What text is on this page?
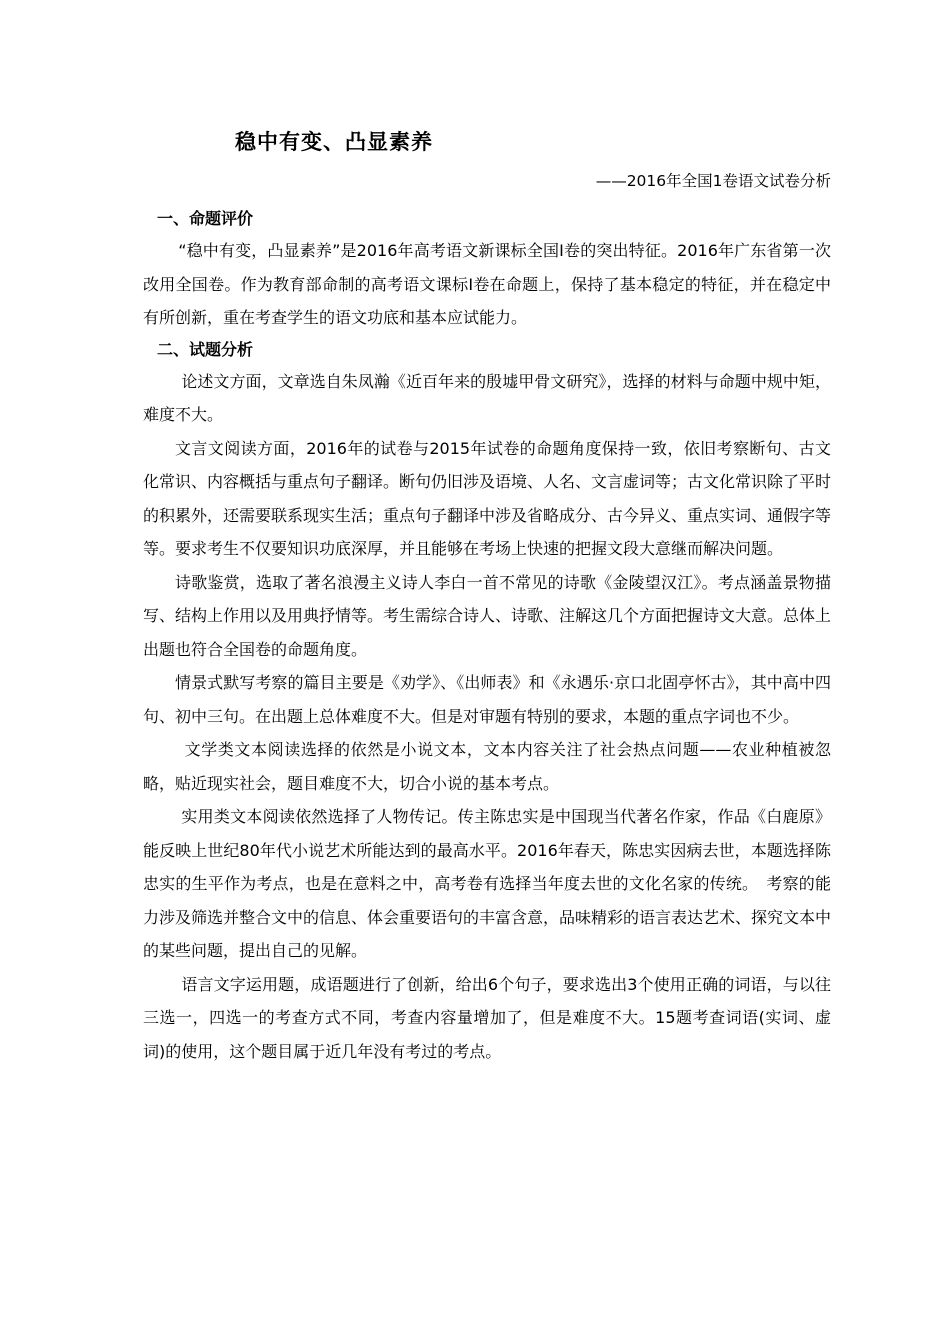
稳中有变、凸显素养
——2016年全国1卷语文试卷分析
一、命题评价

“稳中有变，凸显素养”是2016年高考语文新课标全国I卷的突出特征。2016年广东省第一次改用全国卷。作为教育部命制的高考语文课标I卷在命题上，保持了基本稳定的特征，并在稳定中有所创新，重在考查学生的语文功底和基本应试能力。

二、试题分析

论述文方面，文章选自朱凤瀚《近百年来的殷墟甲骨文研究》，选择的材料与命题中规中矩，难度不大。

文言文阅读方面，2016年的试卷与2015年试卷的命题角度保持一致，依旧考察断句、古文化常识、内容概括与重点句子翻译。断句仍旧涉及语境、人名、文言虚词等；古文化常识除了平时的积累外，还需要联系现实生活；重点句子翻译中涉及省略成分、古今异义、重点实词、通假字等等。要求考生不仅要知识功底深厚，并且能够在考场上快速的把握文段大意继而解决问题。

诗歌鉴赏，选取了著名浪漫主义诗人李白一首不常见的诗歌《金陵望汉江》。考点涵盖景物描写、结构上作用以及用典抒情等。考生需综合诗人、诗歌、注解这几个方面把握诗文大意。总体上出题也符合全国卷的命题角度。

情景式默写考察的篇目主要是《劝学》、《出师表》和《永遇乐·京口北固亭怀古》，其中高中四句、初中三句。在出题上总体难度不大。但是对审题有特别的要求，本题的重点字词也不少。

文学类文本阅读选择的依然是小说文本，文本内容关注了社会热点问题——农业种植被忽略，贴近现实社会，题目难度不大，切合小说的基本考点。

实用类文本阅读依然选择了人物传记。传主陈忠实是中国现当代著名作家，作品《白鹿原》能反映上世纪80年代小说艺术所能达到的最高水平。2016年春天，陈忠实因病去世，本题选择陈忠实的生平作为考点，也是在意料之中，高考卷有选择当年度去世的文化名家的传统。　考察的能力涉及筛选并整合文中的信息、体会重要语句的丰富含意，品味精彩的语言表达艺术、探究文本中的某些问题，提出自己的见解。

语言文字运用题，成语题进行了创新，给出6个句子，要求选出3个使用正确的词语，与以往三选一，四选一的考查方式不同，考查内容量增加了，但是难度不大。15题考查词语(实词、虚词)的使用，这个题目属于近几年没有考过的考点。
